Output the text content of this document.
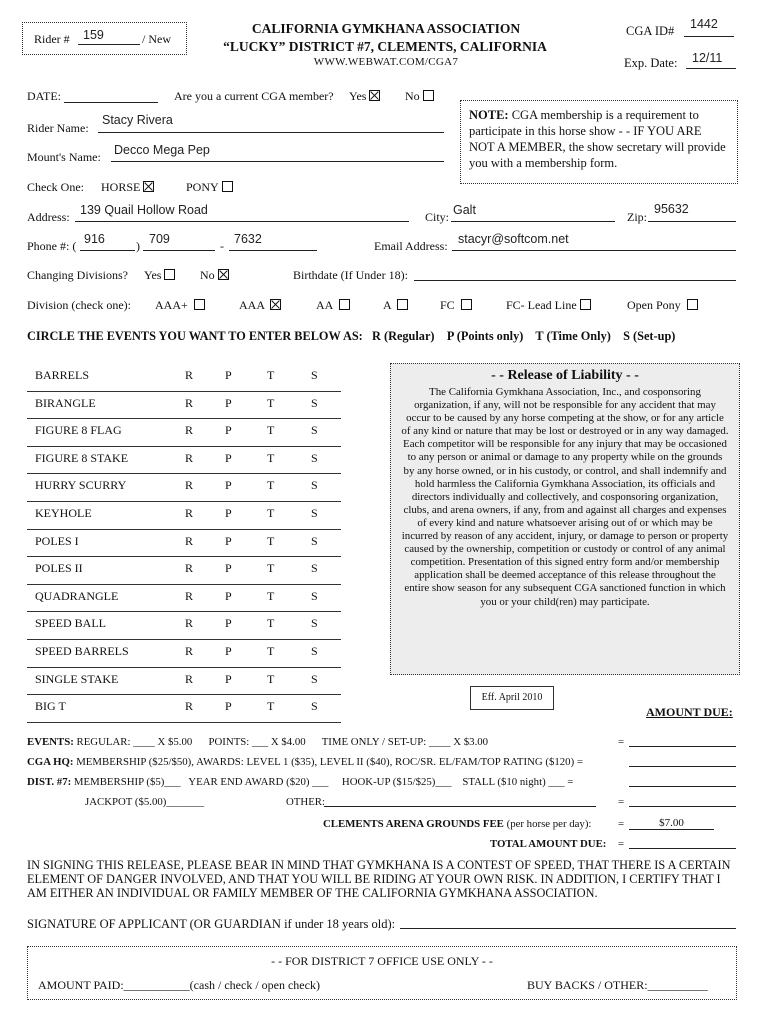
Rider # 159	/ New
CALIFORNIA GYMKHANA ASSOCIATION
“LUCKY” DISTRICT #7, CLEMENTS, CALIFORNIA
WWW.WEBWAT.COM/CGA7
CGA ID# 1442
Exp. Date: 12/11
DATE:	Are you a current CGA member? Yes	No
NOTE: CGA membership is a requirement to participate in this horse show - - IF YOU ARE NOT A MEMBER, the show secretary will provide you with a membership form.
Rider Name:
Stacy Rivera
Mount's Name: Decco Mega Pep
Check One: HORSE	PONY
Address: 139 Quail Hollow Road	City: Galt	Zip:
95632
Phone #: ( 916	) 709	- 7632	Email Address: stacyr@softcom.net
Changing Divisions? Yes	No	Birthdate (If Under 18):
Division (check one): AAA+	AAA	AA	A	FC	FC- Lead Line	Open Pony
CIRCLE THE EVENTS YOU WANT TO ENTER BELOW AS: R (Regular) P (Points only) T (Time Only) S (Set-up)
BARRELS	R	P	T	S
BIRANGLE	R	P	T	S
FIGURE 8 FLAG	R	P	T	S
FIGURE 8 STAKE	R	P	T	S
HURRY SCURRY	R	P	T	S
KEYHOLE	R	P	T	S
POLES I	R	P	T	S
POLES II	R	P	T	S
QUADRANGLE	R	P	T	S
SPEED BALL	R	P	T	S
SPEED BARRELS	R	P	T	S
SINGLE STAKE	R	P	T	S
BIG T	R	P	T	S
- - Release of Liability - -

The California Gymkhana Association, Inc., and cosponsoring organization, if any, will not be responsible for any accident that may occur to be caused by any horse competing at the show, or for any article of any kind or nature that may be lost or destroyed or in any way damaged. Each competitor will be responsible for any injury that may be occasioned to any person or animal or damage to any property while on the grounds by any horse owned, or in his custody, or control, and shall indemnify and hold harmless the California Gymkhana Association, its officials and directors individually and collectively, and cosponsoring organization, clubs, and arena owners, if any, from and against all charges and expenses of every kind and nature whatsoever arising out of or which may be incurred by reason of any accident, injury, or damage to person or property caused by the ownership, competition or custody or control of any animal competition. Presentation of this signed entry form and/or membership application shall be deemed acceptance of this release throughout the entire show season for any subsequent CGA sanctioned function in which you or your child(ren) may participate.

Eff. April 2010
AMOUNT DUE:
EVENTS: REGULAR: ____ X $5.00 POINTS: ___ X $4.00 TIME ONLY / SET-UP: ____ X $3.00	=
CGA HQ: MEMBERSHIP ($25/$50), AWARDS: LEVEL 1 ($35), LEVEL II ($40), ROC/SR. EL/FAM/TOP RATING ($120) =
DIST. #7: MEMBERSHIP ($5)___ YEAR END AWARD ($20) ___ HOOK-UP ($15/$25)___ STALL ($10 night) ___ =
JACKPOT ($5.00)_______	OTHER:	=
CLEMENTS ARENA GROUNDS FEE (per horse per day): =	$7.00
TOTAL AMOUNT DUE: =
IN SIGNING THIS RELEASE, PLEASE BEAR IN MIND THAT GYMKHANA IS A CONTEST OF SPEED, THAT THERE IS A CERTAIN ELEMENT OF DANGER INVOLVED, AND THAT YOU WILL BE RIDING AT YOUR OWN RISK. IN ADDITION, I CERTIFY THAT I AM EITHER AN INDIVIDUAL OR FAMILY MEMBER OF THE CALIFORNIA GYMKHANA ASSOCIATION.
SIGNATURE OF APPLICANT (OR GUARDIAN if under 18 years old):
- - FOR DISTRICT 7 OFFICE USE ONLY - -
AMOUNT PAID:___________(cash / check / open check)	BUY BACKS / OTHER:__________
